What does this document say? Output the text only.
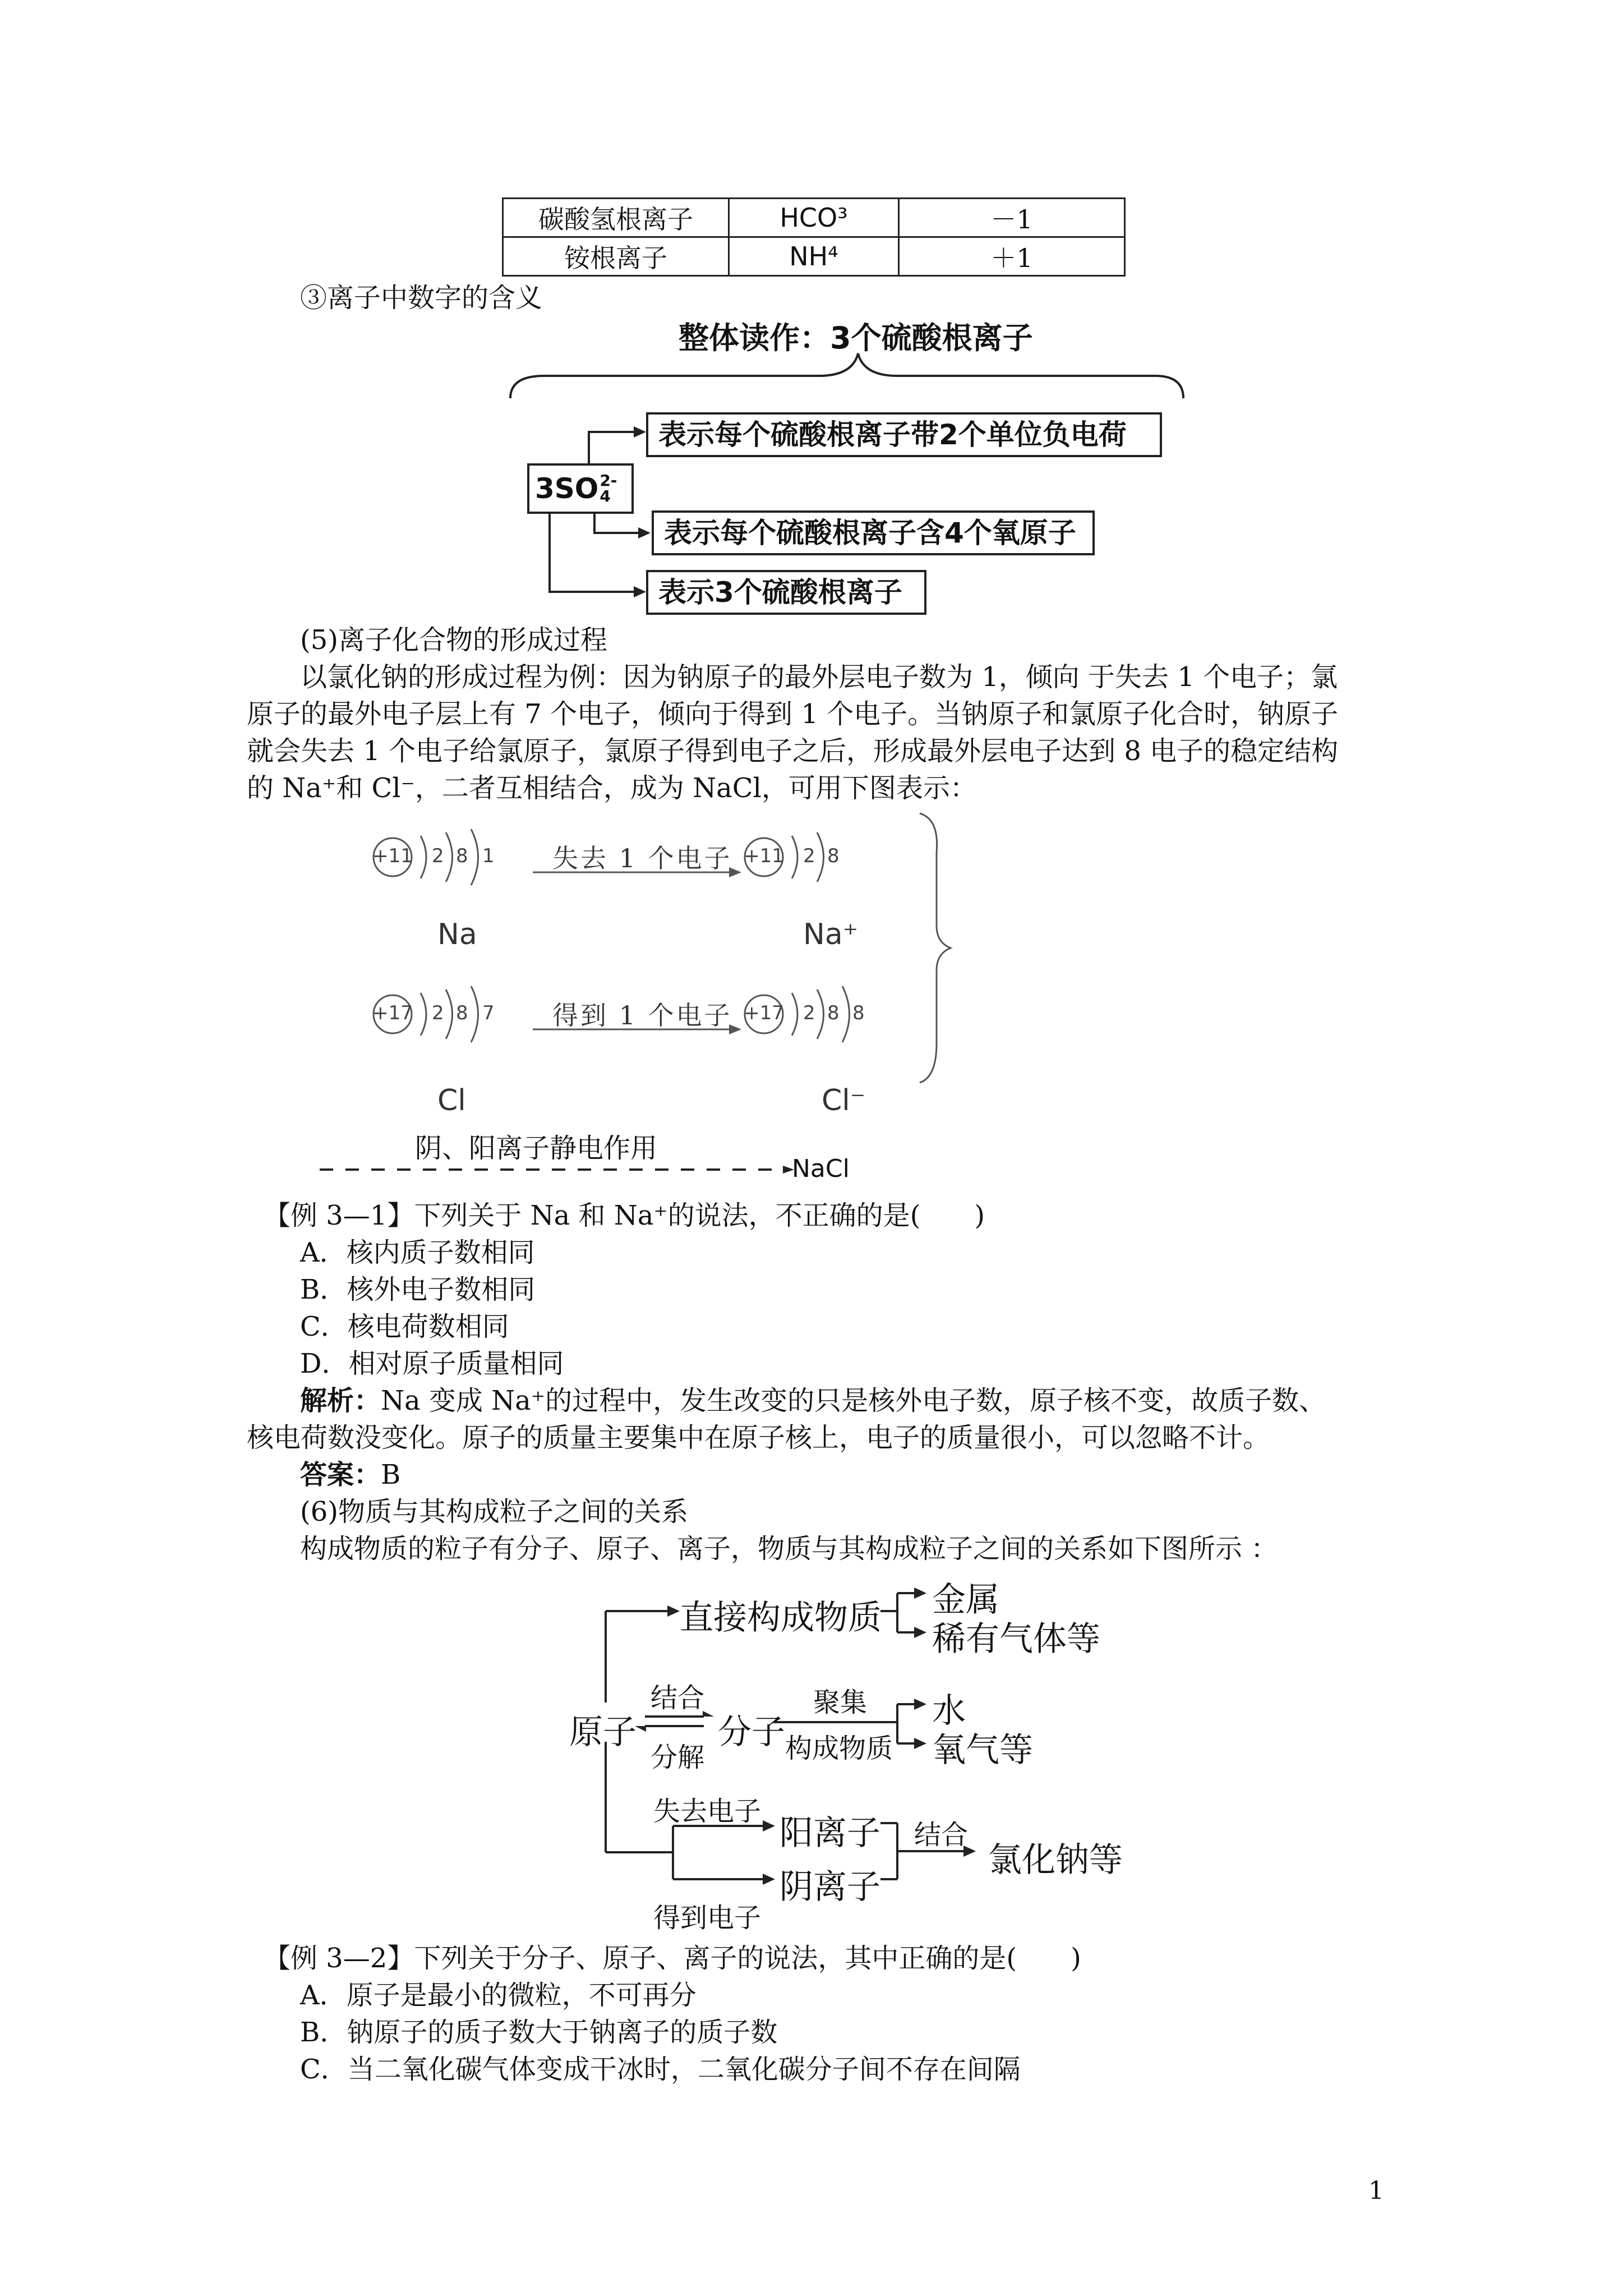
碳酸氢根离子	HCO³	－1
铵根离子	NH⁴	＋1
③离子中数字的含义
整体读作：3个硫酸根离子
3SO 2-
4
表示每个硫酸根离子带2个单位负电荷
表示每个硫酸根离子含4个氧原子
表示3个硫酸根离子
(5)离子化合物的形成过程
以氯化钠的形成过程为例：因为钠原子的最外层电子数为 1，倾向 于失去 1 个电子；氯
原子的最外电子层上有 7 个电子，倾向于得到 1 个电子。当钠原子和氯原子化合时，钠原子
就会失去 1 个电子给氯原子，氯原子得到电子之后，形成最外层电子达到 8 电子的稳定结构
的 Na⁺和 Cl⁻，二者互相结合，成为 NaCl，可用下图表示：
+11 2 8 1 失去 1 个电子 +11 2 8
Na	Na⁺
+17 2 8 7 得到 1 个电子 +17 2 8 8
Cl	Cl⁻
阴、阳离子静电作用
NaCl
【例 3—1】下列关于 Na 和 Na⁺的说法，不正确的是(　　)
A．核内质子数相同
B．核外电子数相同
C．核电荷数相同
D．相对原子质量相同
解析：Na 变成 Na⁺的过程中，发生改变的只是核外电子数，原子核不变，故质子数、
核电荷数没变化。原子的质量主要集中在原子核上，电子的质量很小，可以忽略不计。
答案：B
(6)物质与其构成粒子之间的关系
构成物质的粒子有分子、原子、离子，物质与其构成粒子之间的关系如下图所示 ：
原子
直接构成物质 金属
稀有气体等
结合
分解
分子
聚集
构成物质
水
氧气等
失去电子
阳离子
阴离子
得到电子
结合
氯化钠等
【例 3—2】下列关于分子、原子、离子的说法，其中正确的是(　　)
A．原子是最小的微粒，不可再分
B．钠原子的质子数大于钠离子的质子数
C．当二氧化碳气体变成干冰时，二氧化碳分子间不存在间隔
1
